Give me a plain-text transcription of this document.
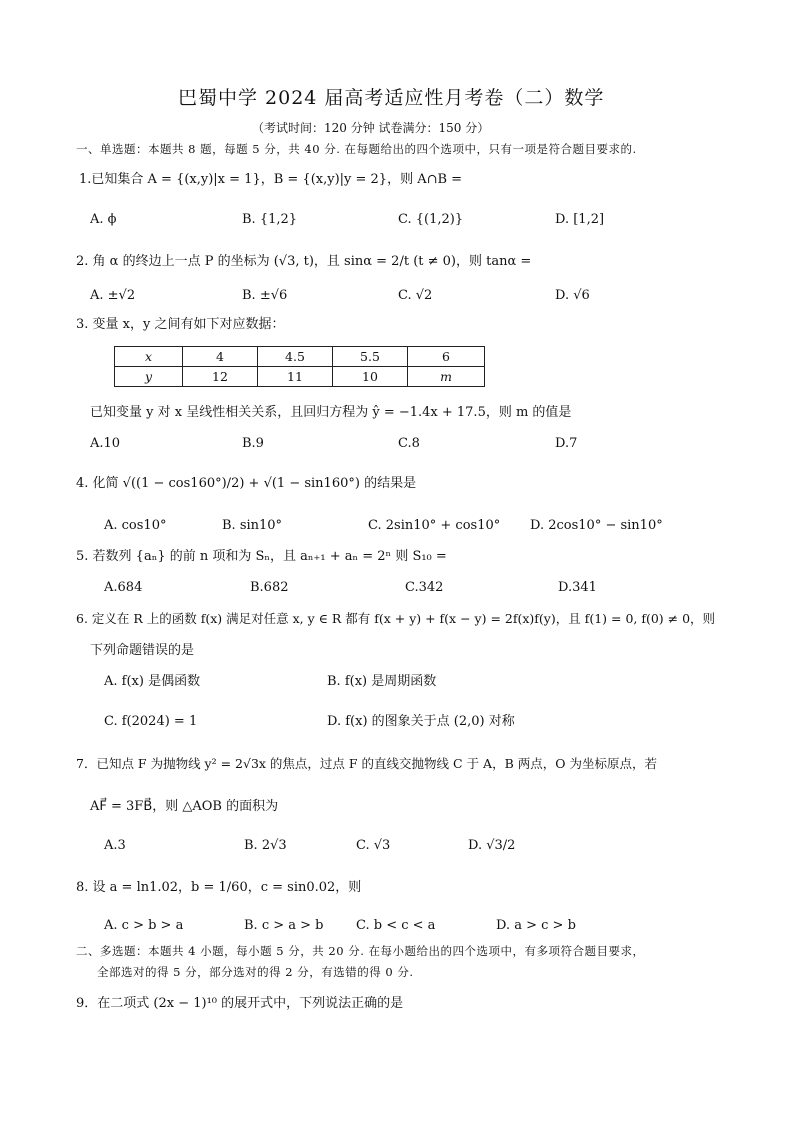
巴蜀中学 2024 届高考适应性月考卷（二）数学
（考试时间：120 分钟 试卷满分：150 分）
一、单选题：本题共 8 题，每题 5 分，共 40 分. 在每题给出的四个选项中，只有一项是符合题目要求的.
1.已知集合 A = {(x,y)|x = 1}，B = {(x,y)|y = 2}，则 A∩B =
A. ϕ	B. {1,2}	C. {(1,2)}	D. [1,2]
2. 角 α 的终边上一点 P 的坐标为 (√3, t)，且 sinα = 2/t (t ≠ 0)，则 tanα =
A. ±√2	B. ±√6	C. √2	D. √6
3. 变量 x，y 之间有如下对应数据：
x	4	4.5	5.5	6
y	12	11	10	m
已知变量 y 对 x 呈线性相关关系，且回归方程为 ŷ = −1.4x + 17.5，则 m 的值是
A.10	B.9	C.8	D.7
4. 化简 √((1 − cos160°)/2) + √(1 − sin160°) 的结果是
A. cos10°	B. sin10°	C. 2sin10° + cos10° D. 2cos10° − sin10°
5. 若数列 {aₙ} 的前 n 项和为 Sₙ，且 aₙ₊₁ + aₙ = 2ⁿ 则 S₁₀ =
A.684	B.682	C.342	D.341
6. 定义在 R 上的函数 f(x) 满足对任意 x, y ∈ R 都有 f(x + y) + f(x − y) = 2f(x)f(y)，且 f(1) = 0, f(0) ≠ 0，则
下列命题错误的是
A. f(x) 是偶函数	B. f(x) 是周期函数
C. f(2024) = 1	D. f(x) 的图象关于点 (2,0) 对称
7．已知点 F 为抛物线 y² = 2√3x 的焦点，过点 F 的直线交抛物线 C 于 A，B 两点，O 为坐标原点，若
AF⃗ = 3FB⃗，则 △AOB 的面积为
A.3	B. 2√3	C. √3	D. √3/2
8. 设 a = ln1.02，b = 1/60，c = sin0.02，则
A. c > b > a	B. c > a > b	C. b < c < a	D. a > c > b
二、多选题：本题共 4 小题，每小题 5 分，共 20 分. 在每小题给出的四个选项中，有多项符合题目要求，
全部选对的得 5 分，部分选对的得 2 分，有选错的得 0 分.
9．在二项式 (2x − 1)¹⁰ 的展开式中，下列说法正确的是
